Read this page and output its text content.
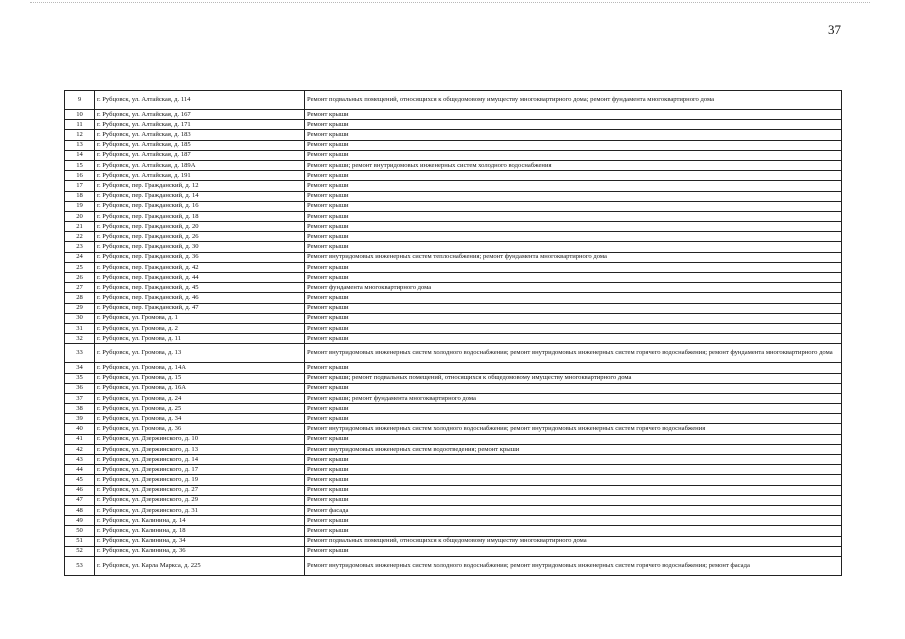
37
9	г. Рубцовск, ул. Алтайская, д. 114	Ремонт подвальных помещений, относящихся к общедомовому имуществу многоквартирного дома; ремонт фундамента многоквартирного дома
10	г. Рубцовск, ул. Алтайская, д. 167	Ремонт крыши
11	г. Рубцовск, ул. Алтайская, д. 171	Ремонт крыши
12	г. Рубцовск, ул. Алтайская, д. 183	Ремонт крыши
13	г. Рубцовск, ул. Алтайская, д. 185	Ремонт крыши
14	г. Рубцовск, ул. Алтайская, д. 187	Ремонт крыши
15	г. Рубцовск, ул. Алтайская, д. 189А	Ремонт крыши; ремонт внутридомовых инженерных систем холодного водоснабжения
16	г. Рубцовск, ул. Алтайская, д. 191	Ремонт крыши
17	г. Рубцовск, пер. Гражданский, д. 12	Ремонт крыши
18	г. Рубцовск, пер. Гражданский, д. 14	Ремонт крыши
19	г. Рубцовск, пер. Гражданский, д. 16	Ремонт крыши
20	г. Рубцовск, пер. Гражданский, д. 18	Ремонт крыши
21	г. Рубцовск, пер. Гражданский, д. 20	Ремонт крыши
22	г. Рубцовск, пер. Гражданский, д. 26	Ремонт крыши
23	г. Рубцовск, пер. Гражданский, д. 30	Ремонт крыши
24	г. Рубцовск, пер. Гражданский, д. 36	Ремонт внутридомовых инженерных систем теплоснабжения; ремонт фундамента многоквартирного дома
25	г. Рубцовск, пер. Гражданский, д. 42	Ремонт крыши
26	г. Рубцовск, пер. Гражданский, д. 44	Ремонт крыши
27	г. Рубцовск, пер. Гражданский, д. 45	Ремонт фундамента многоквартирного дома
28	г. Рубцовск, пер. Гражданский, д. 46	Ремонт крыши
29	г. Рубцовск, пер. Гражданский, д. 47	Ремонт крыши
30	г. Рубцовск, ул. Громова, д. 1	Ремонт крыши
31	г. Рубцовск, ул. Громова, д. 2	Ремонт крыши
32	г. Рубцовск, ул. Громова, д. 11	Ремонт крыши
33	г. Рубцовск, ул. Громова, д. 13	Ремонт внутридомовых инженерных систем холодного водоснабжения; ремонт внутридомовых инженерных систем горячего водоснабжения; ремонт фундамента многоквартирного дома
34	г. Рубцовск, ул. Громова, д. 14А	Ремонт крыши
35	г. Рубцовск, ул. Громова, д. 15	Ремонт крыши; ремонт подвальных помещений, относящихся к общедомовому имуществу многоквартирного дома
36	г. Рубцовск, ул. Громова, д. 16А	Ремонт крыши
37	г. Рубцовск, ул. Громова, д. 24	Ремонт крыши; ремонт фундамента многоквартирного дома
38	г. Рубцовск, ул. Громова, д. 25	Ремонт крыши
39	г. Рубцовск, ул. Громова, д. 34	Ремонт крыши
40	г. Рубцовск, ул. Громова, д. 36	Ремонт внутридомовых инженерных систем холодного водоснабжения; ремонт внутридомовых инженерных систем горячего водоснабжения
41	г. Рубцовск, ул. Дзержинского, д. 10	Ремонт крыши
42	г. Рубцовск, ул. Дзержинского, д. 13	Ремонт внутридомовых инженерных систем водоотведения; ремонт крыши
43	г. Рубцовск, ул. Дзержинского, д. 14	Ремонт крыши
44	г. Рубцовск, ул. Дзержинского, д. 17	Ремонт крыши
45	г. Рубцовск, ул. Дзержинского, д. 19	Ремонт крыши
46	г. Рубцовск, ул. Дзержинского, д. 27	Ремонт крыши
47	г. Рубцовск, ул. Дзержинского, д. 29	Ремонт крыши
48	г. Рубцовск, ул. Дзержинского, д. 31	Ремонт фасада
49	г. Рубцовск, ул. Калинина, д. 14	Ремонт крыши
50	г. Рубцовск, ул. Калинина, д. 18	Ремонт крыши
51	г. Рубцовск, ул. Калинина, д. 34	Ремонт подвальных помещений, относящихся к общедомовому имуществу многоквартирного дома
52	г. Рубцовск, ул. Калинина, д. 36	Ремонт крыши
53	г. Рубцовск, ул. Карла Маркса, д. 225	Ремонт внутридомовых инженерных систем холодного водоснабжения; ремонт внутридомовых инженерных систем горячего водоснабжения; ремонт фасада
